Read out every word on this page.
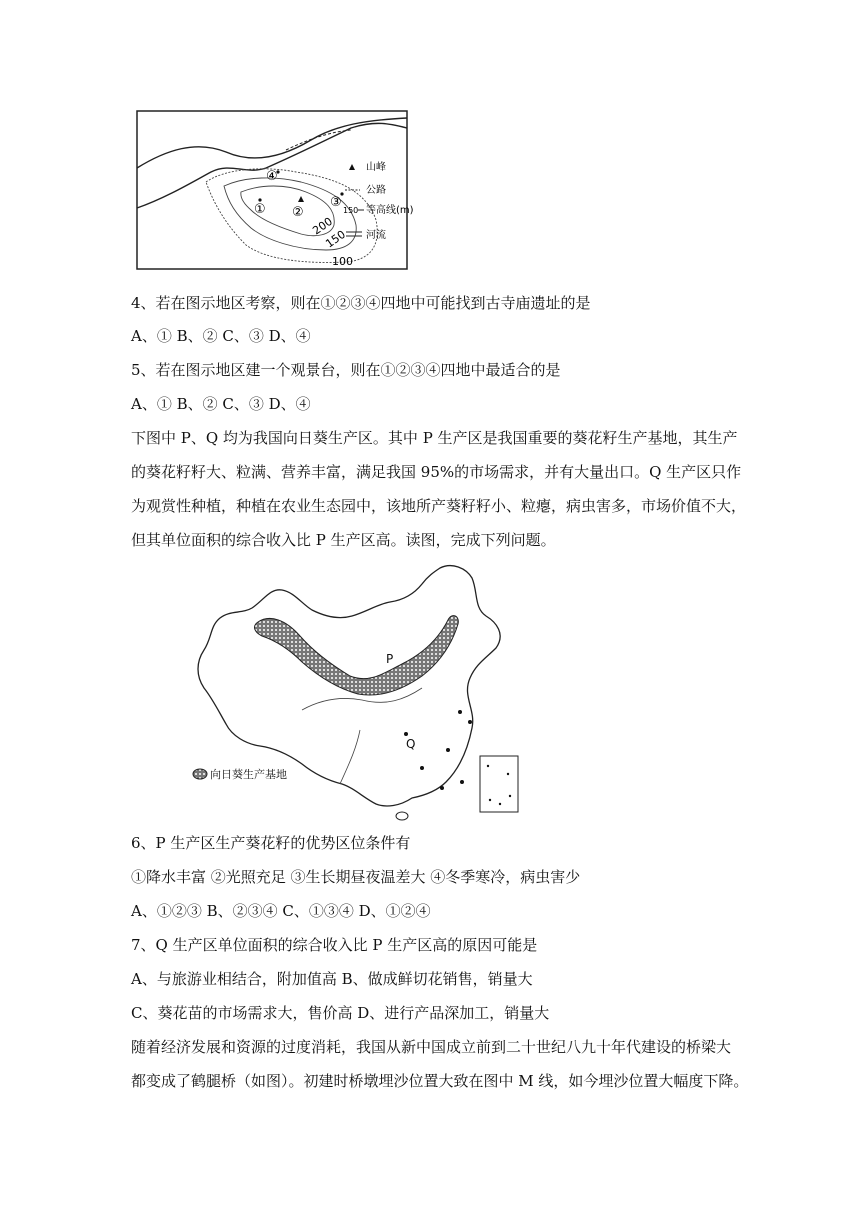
④
① ②
③
200
150
100
山峰
公路
150 等高线(m)
河流
4、若在图示地区考察，则在①②③④四地中可能找到古寺庙遗址的是
A、① B、② C、③ D、④
5、若在图示地区建一个观景台，则在①②③④四地中最适合的是
A、① B、② C、③ D、④
下图中 P、Q 均为我国向日葵生产区。其中 P 生产区是我国重要的葵花籽生产基地，其生产
的葵花籽籽大、粒满、营养丰富，满足我国 95%的市场需求，并有大量出口。Q 生产区只作
为观赏性种植，种植在农业生态园中，该地所产葵籽籽小、粒瘪，病虫害多，市场价值不大，
但其单位面积的综合收入比 P 生产区高。读图，完成下列问题。
P
Q
向日葵生产基地
6、P 生产区生产葵花籽的优势区位条件有
①降水丰富 ②光照充足 ③生长期昼夜温差大 ④冬季寒冷，病虫害少
A、①②③ B、②③④ C、①③④ D、①②④
7、Q 生产区单位面积的综合收入比 P 生产区高的原因可能是
A、与旅游业相结合，附加值高 B、做成鲜切花销售，销量大
C、葵花苗的市场需求大，售价高 D、进行产品深加工，销量大
随着经济发展和资源的过度消耗，我国从新中国成立前到二十世纪八九十年代建设的桥梁大
都变成了鹤腿桥（如图）。初建时桥墩埋沙位置大致在图中 M 线，如今埋沙位置大幅度下降。
